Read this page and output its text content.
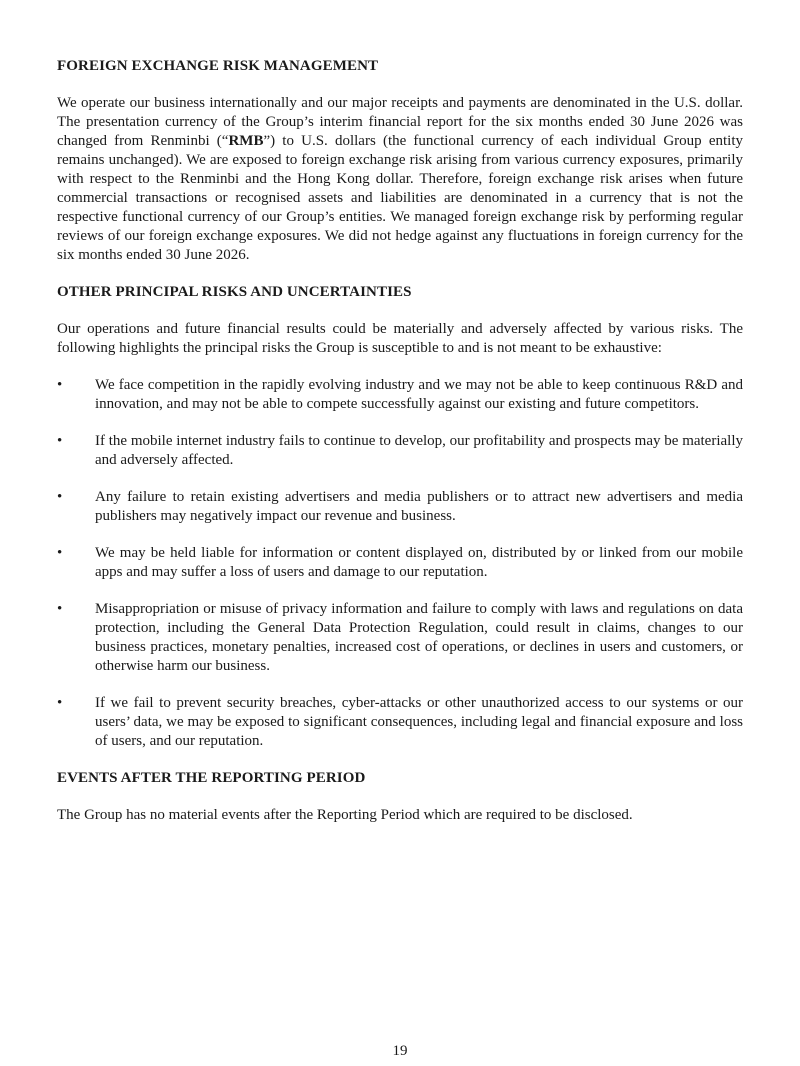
FOREIGN EXCHANGE RISK MANAGEMENT

We operate our business internationally and our major receipts and payments are denominated in the U.S. dollar. The presentation currency of the Group’s interim financial report for the six months ended 30 June 2026 was changed from Renminbi (“RMB”) to U.S. dollars (the functional currency of each individual Group entity remains unchanged). We are exposed to foreign exchange risk arising from various currency exposures, primarily with respect to the Renminbi and the Hong Kong dollar. Therefore, foreign exchange risk arises when future commercial transactions or recognised assets and liabilities are denominated in a currency that is not the respective functional currency of our Group’s entities. We managed foreign exchange risk by performing regular reviews of our foreign exchange exposures. We did not hedge against any fluctuations in foreign currency for the six months ended 30 June 2026.

OTHER PRINCIPAL RISKS AND UNCERTAINTIES

Our operations and future financial results could be materially and adversely affected by various risks. The following highlights the principal risks the Group is susceptible to and is not meant to be exhaustive:

•	We face competition in the rapidly evolving industry and we may not be able to keep continuous R&D and innovation, and may not be able to compete successfully against our existing and future competitors.
•	If the mobile internet industry fails to continue to develop, our profitability and prospects may be materially and adversely affected.
•	Any failure to retain existing advertisers and media publishers or to attract new advertisers and media publishers may negatively impact our revenue and business.
•	We may be held liable for information or content displayed on, distributed by or linked from our mobile apps and may suffer a loss of users and damage to our reputation.
•	Misappropriation or misuse of privacy information and failure to comply with laws and regulations on data protection, including the General Data Protection Regulation, could result in claims, changes to our business practices, monetary penalties, increased cost of operations, or declines in users and customers, or otherwise harm our business.
•	If we fail to prevent security breaches, cyber-attacks or other unauthorized access to our systems or our users’ data, we may be exposed to significant consequences, including legal and financial exposure and loss of users, and our reputation.
EVENTS AFTER THE REPORTING PERIOD

The Group has no material events after the Reporting Period which are required to be disclosed.

19
